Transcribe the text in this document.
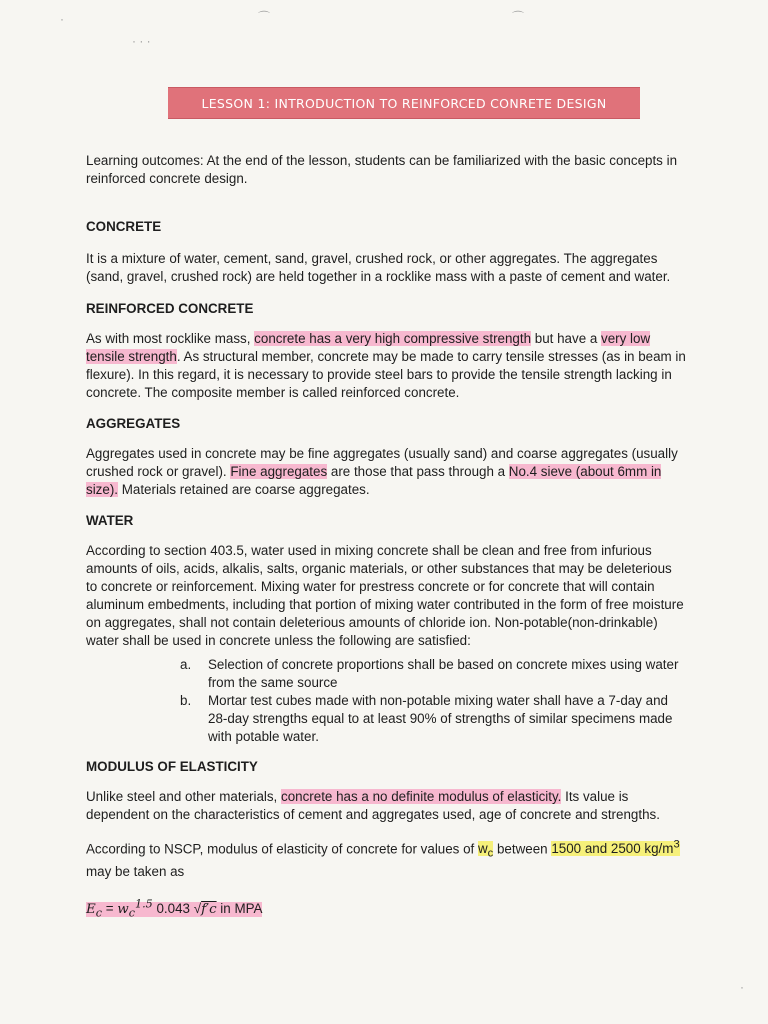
·
· · ·
⌒	⌒
·
LESSON 1: INTRODUCTION TO REINFORCED CONRETE DESIGN

Learning outcomes: At the end of the lesson, students can be familiarized with the basic concepts in reinforced concrete design.

CONCRETE

It is a mixture of water, cement, sand, gravel, crushed rock, or other aggregates. The aggregates (sand, gravel, crushed rock) are held together in a rocklike mass with a paste of cement and water.

REINFORCED CONCRETE

As with most rocklike mass, concrete has a very high compressive strength but have a very low tensile strength. As structural member, concrete may be made to carry tensile stresses (as in beam in flexure). In this regard, it is necessary to provide steel bars to provide the tensile strength lacking in concrete. The composite member is called reinforced concrete.

AGGREGATES

Aggregates used in concrete may be fine aggregates (usually sand) and coarse aggregates (usually crushed rock or gravel). Fine aggregates are those that pass through a No.4 sieve (about 6mm in size). Materials retained are coarse aggregates.

WATER

According to section 403.5, water used in mixing concrete shall be clean and free from infurious amounts of oils, acids, alkalis, salts, organic materials, or other substances that may be deleterious to concrete or reinforcement. Mixing water for prestress concrete or for concrete that will contain aluminum embedments, including that portion of mixing water contributed in the form of free moisture on aggregates, shall not contain deleterious amounts of chloride ion. Non-potable(non-drinkable) water shall be used in concrete unless the following are satisfied:

a. Selection of concrete proportions shall be based on concrete mixes using water from the same source
b. Mortar test cubes made with non-potable mixing water shall have a 7-day and 28-day strengths equal to at least 90% of strengths of similar specimens made with potable water.

MODULUS OF ELASTICITY

Unlike steel and other materials, concrete has a no definite modulus of elasticity. Its value is dependent on the characteristics of cement and aggregates used, age of concrete and strengths.

According to NSCP, modulus of elasticity of concrete for values of $w_c$ between 1500 and 2500 $kg/m^3$ may be taken as

$E_c = w_c^{1.5}$ 0.043 √f′c in MPA
